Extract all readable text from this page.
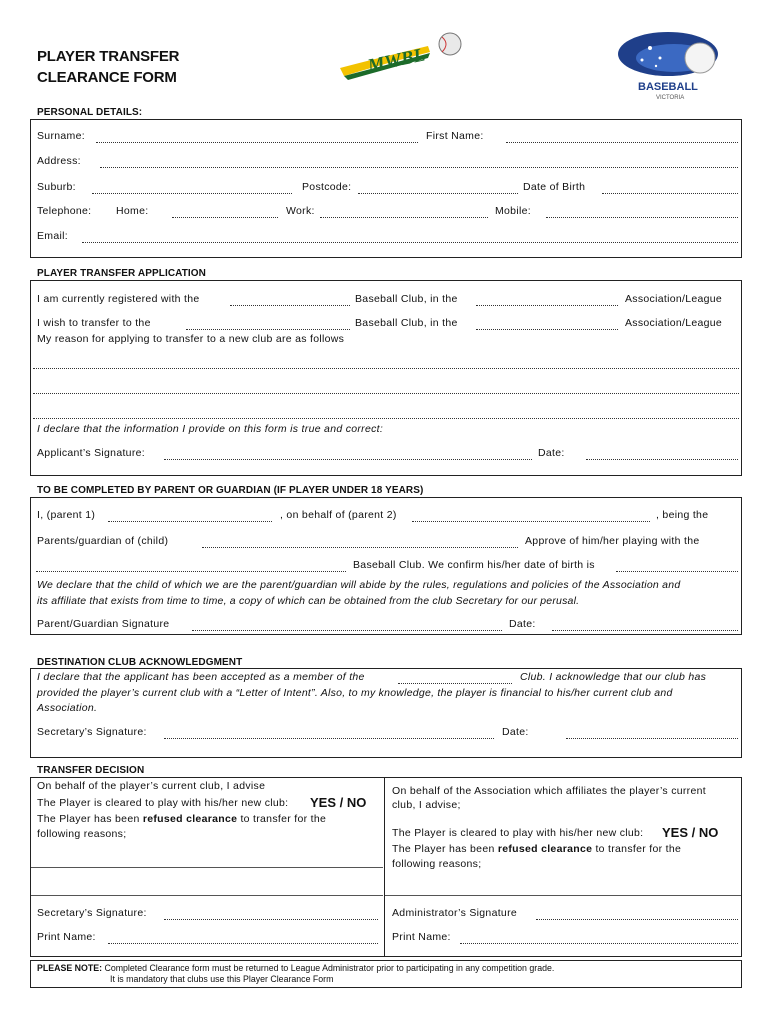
PLAYER TRANSFER
CLEARANCE FORM
MWBL
BASEBALL
VICTORIA
PERSONAL DETAILS:
Surname:	First Name:
Address:
Suburb:	Postcode:	Date of Birth
Telephone: Home:	Work:	Mobile:
Email:
PLAYER TRANSFER APPLICATION
I am currently registered with the	Baseball Club, in the	Association/League
I wish to transfer to the	Baseball Club, in the	Association/League
My reason for applying to transfer to a new club are as follows
I declare that the information I provide on this form is true and correct:
Applicant’s Signature:	Date:
TO BE COMPLETED BY PARENT OR GUARDIAN (IF PLAYER UNDER 18 YEARS)
I, (parent 1)	, on behalf of (parent 2)	, being the
Parents/guardian of (child)	Approve of him/her playing with the
Baseball Club. We confirm his/her date of birth is
We declare that the child of which we are the parent/guardian will abide by the rules, regulations and policies of the Association and
its affiliate that exists from time to time, a copy of which can be obtained from the club Secretary for our perusal.
Parent/Guardian Signature	Date:
DESTINATION CLUB ACKNOWLEDGMENT
I declare that the applicant has been accepted as a member of the	Club. I acknowledge that our club has
provided the player’s current club with a “Letter of Intent”. Also, to my knowledge, the player is financial to his/her current club and
Association.
Secretary’s Signature:	Date:
TRANSFER DECISION
On behalf of the player’s current club, I advise
The Player is cleared to play with his/her new club: YES / NO
The Player has been refused clearance to transfer for the
following reasons;
On behalf of the Association which affiliates the player’s current
club, I advise;
The Player is cleared to play with his/her new club: YES / NO
The Player has been refused clearance to transfer for the
following reasons;
Secretary’s Signature:	Administrator’s Signature
Print Name:	Print Name:
PLEASE NOTE: Completed Clearance form must be returned to League Administrator prior to participating in any competition grade.
It is mandatory that clubs use this Player Clearance Form
